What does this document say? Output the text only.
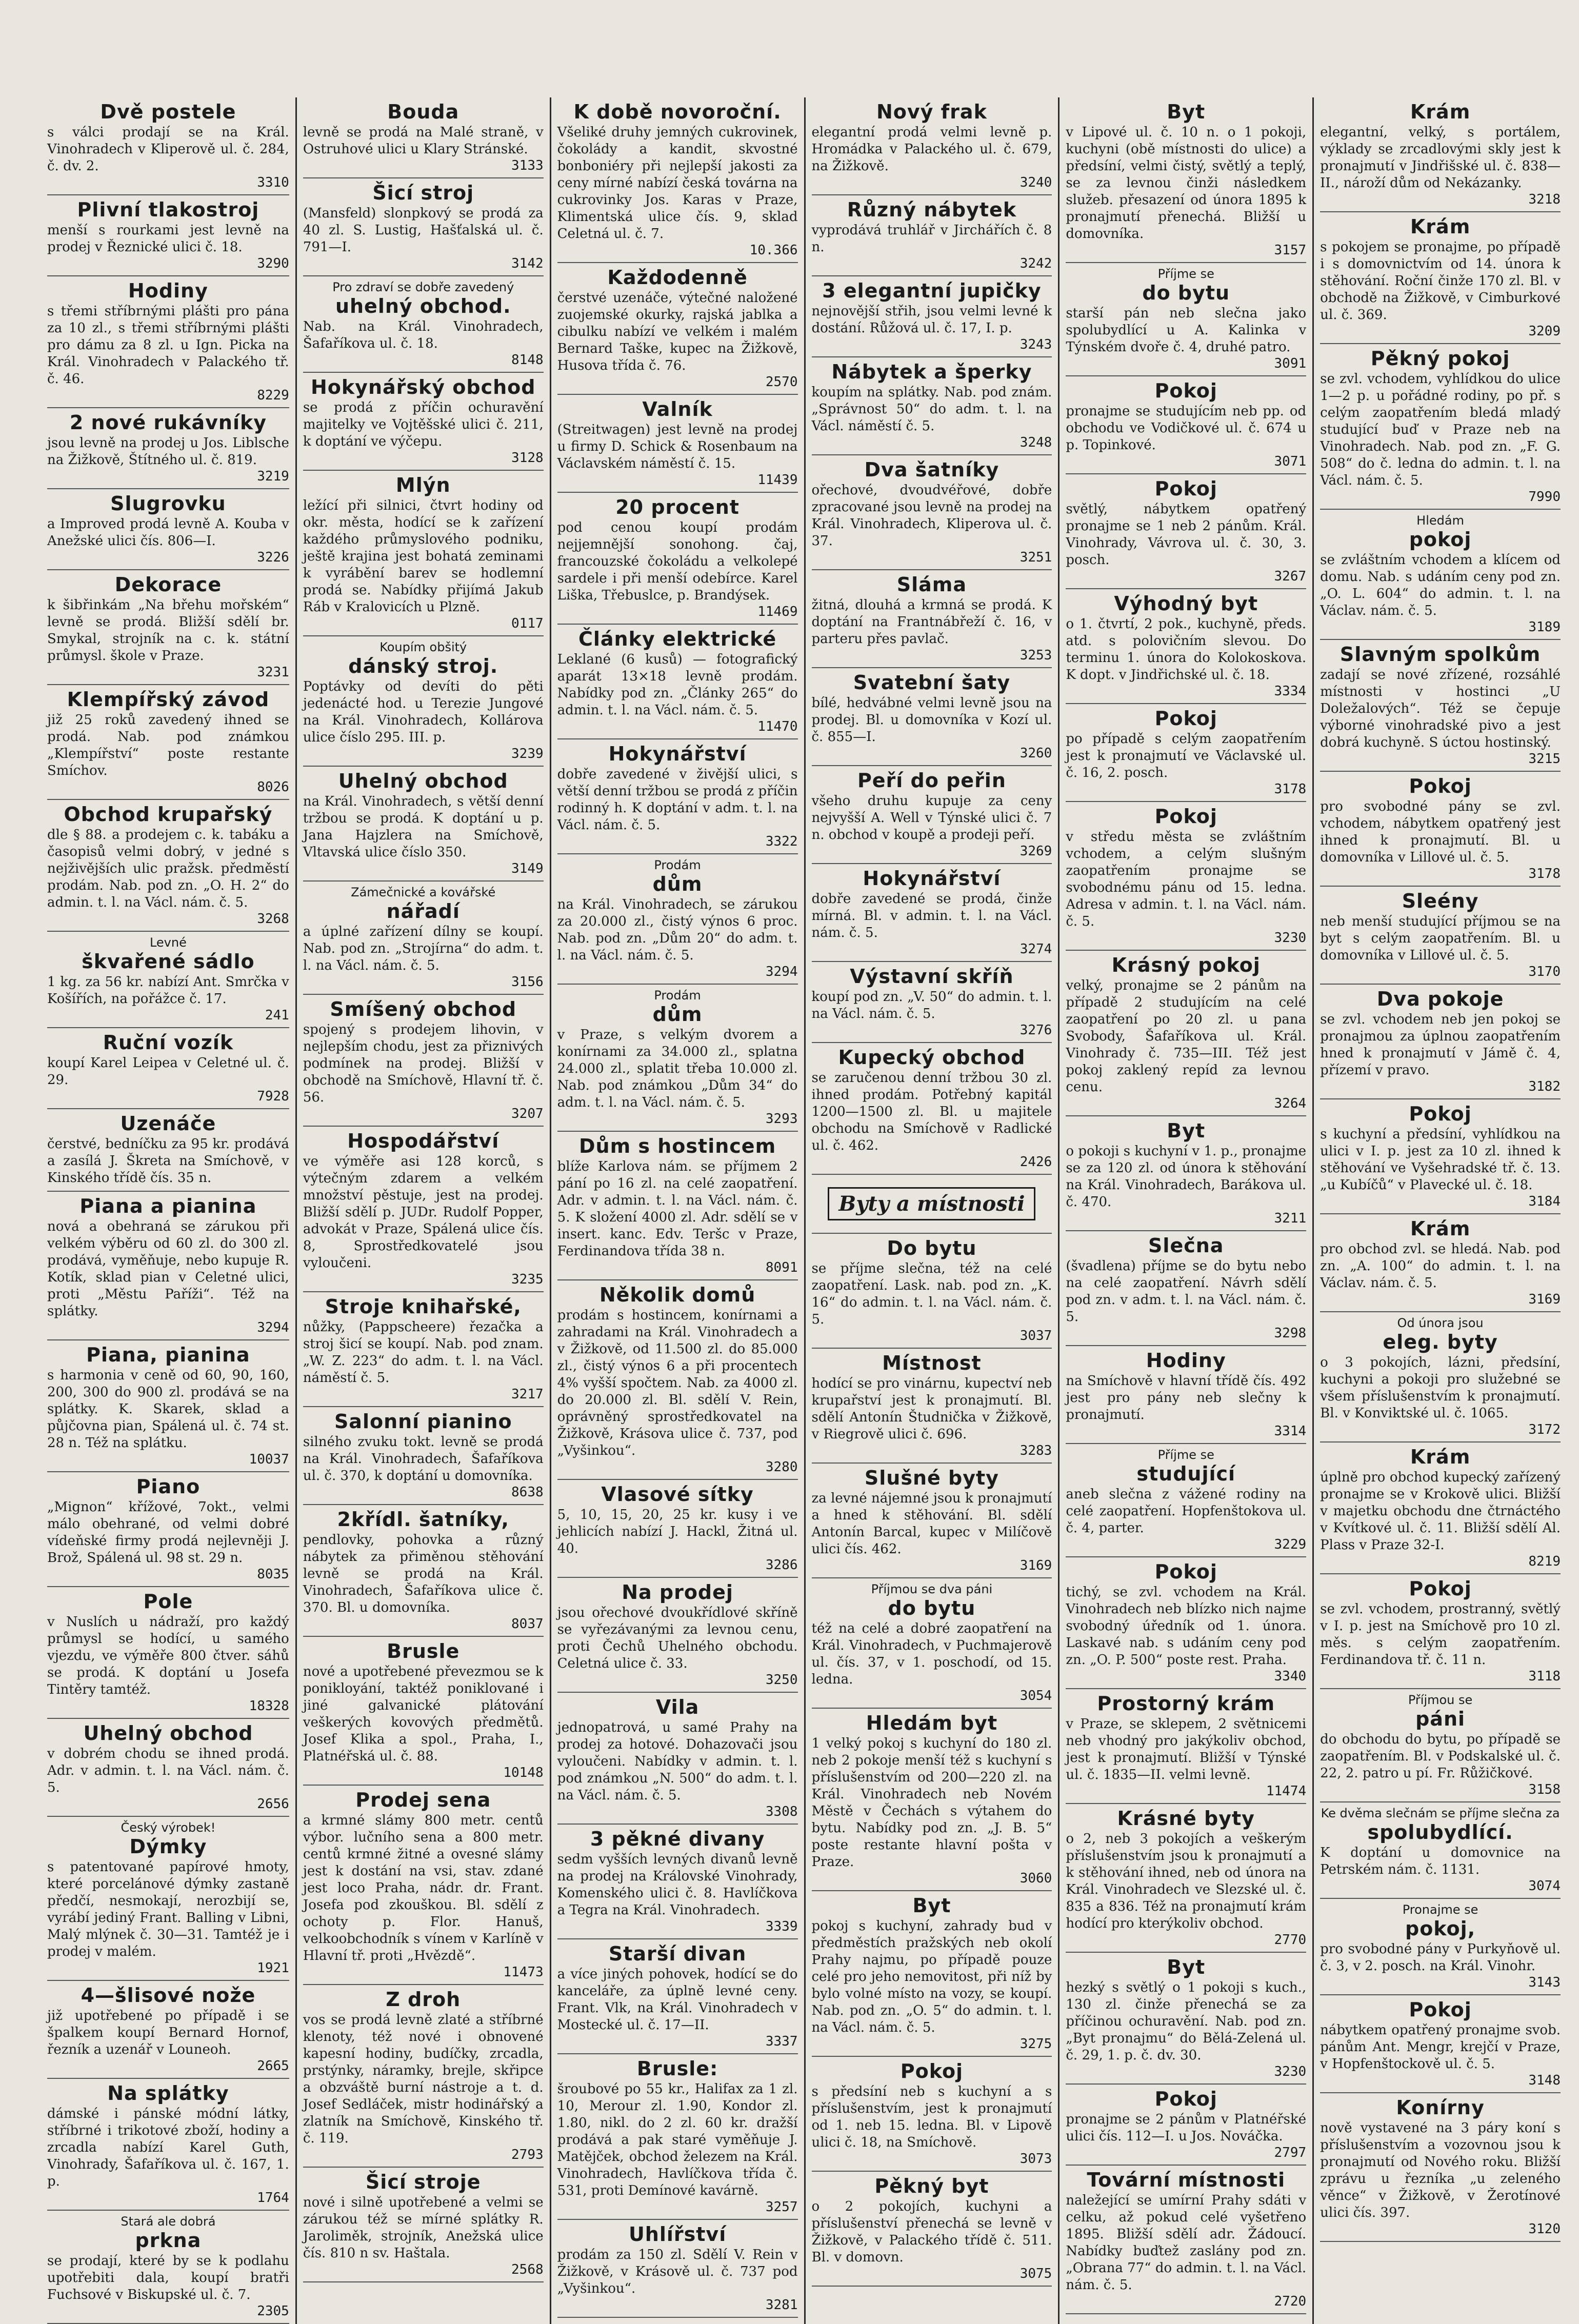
Dvě postele

s válci prodají se na Král. Vinohradech v Kliperově ul. č. 284, č. dv. 2.

3310
Plivní tlakostroj

menší s rourkami jest levně na prodej v Řeznické ulici č. 18.

3290
Hodiny

s třemi stříbrnými plášti pro pána za 10 zl., s třemi stříbrnými plášti pro dámu za 8 zl. u Ign. Picka na Král. Vinohradech v Palackého tř. č. 46.

8229
2 nové rukávníky

jsou levně na prodej u Jos. Liblsche na Žižkově, Štítného ul. č. 819.

3219
Slugrovku

a Improved prodá levně A. Kouba v Anežské ulici čís. 806—I.

3226
Dekorace

k šibřinkám „Na břehu mořském“ levně se prodá. Bližší sdělí br. Smykal, strojník na c. k. státní průmysl. škole v Praze.

3231
Klempířský závod

již 25 roků zavedený ihned se prodá. Nab. pod známkou „Klempířství“ poste restante Smíchov.

8026
Obchod krupařský

dle § 88. a prodejem c. k. tabáku a časopisů velmi dobrý, v jedné s nejživějších ulic pražsk. předměstí prodám. Nab. pod zn. „O. H. 2“ do admin. t. l. na Václ. nám. č. 5.

3268
Levné
škvařené sádlo

1 kg. za 56 kr. nabízí Ant. Smrčka v Košířích, na pořážce č. 17.

241
Ruční vozík

koupí Karel Leipea v Celetné ul. č. 29.

7928
Uzenáče

čerstvé, bedníčku za 95 kr. prodává a zasílá J. Škreta na Smíchově, v Kinského třídě čís. 35 n.

Piana a pianina

nová a obehraná se zárukou při velkém výběru od 60 zl. do 300 zl. prodává, vyměňuje, nebo kupuje R. Kotík, sklad pian v Celetné ulici, proti „Městu Paříži“. Též na splátky.

3294
Piana, pianina

s harmonia v ceně od 60, 90, 160, 200, 300 do 900 zl. prodává se na splátky. K. Skarek, sklad a půjčovna pian, Spálená ul. č. 74 st. 28 n. Též na splátku.

10037
Piano

„Mignon“ křížové, 7okt., velmi málo obehrané, od velmi dobré vídeňské firmy prodá nejlevněji J. Brož, Spálená ul. 98 st. 29 n.

8035
Pole

v Nuslích u nádraží, pro každý průmysl se hodící, u samého vjezdu, ve výměře 800 čtver. sáhů se prodá. K doptání u Josefa Tintěry tamtéž.

18328
Uhelný obchod

v dobrém chodu se ihned prodá. Adr. v admin. t. l. na Václ. nám. č. 5.

2656
Český výrobek!
Dýmky

s patentované papírové hmoty, které porcelánové dýmky zastaně předčí, nesmokají, nerozbijí se, vyrábí jediný Frant. Balling v Libni, Malý mlýnek č. 30—31. Tamtéž je i prodej v malém.

1921
4—šlisové nože

již upotřebené po případě i se špalkem koupí Bernard Hornof, řezník a uzenář v Louneoh.

2665
Na splátky

dámské i pánské módní látky, stříbrné i trikotové zboží, hodiny a zrcadla nabízí Karel Guth, Vinohrady, Šafaříkova ul. č. 167, 1. p.

1764
Stará ale dobrá
prkna

se prodají, které by se k podlahu upotřebiti dala, koupí bratři Fuchsové v Biskupské ul. č. 7.

2305
Bouda

levně se prodá na Malé straně, v Ostruhové ulici u Klary Stránské.

3133
Šicí stroj

(Mansfeld) slonpkový se prodá za 40 zl. S. Lustig, Hašťalská ul. č. 791—I.

3142
Pro zdraví se dobře zavedený
uhelný obchod.

Nab. na Král. Vinohradech, Šafaříkova ul. č. 18.

8148
Hokynářský obchod

se prodá z příčin ochuravění majitelky ve Vojtěšské ulici č. 211, k doptání ve výčepu.

3128
Mlýn

ležící při silnici, čtvrt hodiny od okr. města, hodící se k zařízení každého průmyslového podniku, ještě krajina jest bohatá zeminami k vyrábění barev se hodlemní prodá se. Nabídky přijímá Jakub Ráb v Kralovicích u Plzně.

0117
Koupím obšitý
dánský stroj.

Poptávky od devíti do pěti jedenácté hod. u Terezie Jungové na Král. Vinohradech, Kollárova ulice číslo 295. III. p.

3239
Uhelný obchod

na Král. Vinohradech, s větší denní tržbou se prodá. K doptání u p. Jana Hajzlera na Smíchově, Vltavská ulice číslo 350.

3149
Zámečnické a kovářské
nářadí

a úplné zařízení dílny se koupí. Nab. pod zn. „Strojírna“ do adm. t. l. na Václ. nám. č. 5.

3156
Smíšený obchod

spojený s prodejem lihovin, v nejlepším chodu, jest za přiznivých podmínek na prodej. Bližší v obchodě na Smíchově, Hlavní tř. č. 56.

3207
Hospodářství

ve výměře asi 128 korců, s výtečným zdarem a velkém množství pěstuje, jest na prodej. Bližší sdělí p. JUDr. Rudolf Popper, advokát v Praze, Spálená ulice čís. 8, Sprostředkovatelé jsou vyloučeni.

3235
Stroje knihařské,

nůžky, (Pappscheere) řezačka a stroj šicí se koupí. Nab. pod znam. „W. Z. 223“ do adm. t. l. na Václ. náměstí č. 5.

3217
Salonní pianino

silného zvuku tokt. levně se prodá na Král. Vinohradech, Šafaříkova ul. č. 370, k doptání u domovníka.

8638
2křídl. šatníky,

pendlovky, pohovka a různý nábytek za přiměnou stěhování levně se prodá na Král. Vinohradech, Šafaříkova ulice č. 370. Bl. u domovníka.

8037
Brusle

nové a upotřebené převezmou se k ponikloyání, taktéž poniklované i jiné galvanické plátování veškerých kovových předmětů. Josef Klika a spol., Praha, I., Platnéřská ul. č. 88.

10148
Prodej sena

a krmné slámy 800 metr. centů výbor. lučního sena a 800 metr. centů krmné žitné a ovesné slámy jest k dostání na vsi, stav. zdané jest loco Praha, nádr. dr. Frant. Josefa pod zkouškou. Bl. sdělí z ochoty p. Flor. Hanuš, velkoobchodník s vínem v Karlíně v Hlavní tř. proti „Hvězdě“.

11473
Z droh

vos se prodá levně zlaté a stříbrné klenoty, též nové i obnovené kapesní hodiny, budíčky, zrcadla, prstýnky, náramky, brejle, skřipce a obzváště burní nástroje a t. d. Josef Sedláček, mistr hodinářský a zlatník na Smíchově, Kinského tř. č. 119.

2793
Šicí stroje

nové i silně upotřebené a velmi se zárukou též se mírné splátky R. Jaroliměk, strojník, Anežská ulice čís. 810 n sv. Haštala.

2568
K době novoroční.

Všeliké druhy jemných cukrovinek, čokolády a kandit, skvostné bonboniéry při nejlepší jakosti za ceny mírné nabízí česká továrna na cukrovinky Jos. Karas v Praze, Klimentská ulice čís. 9, sklad Celetná ul. č. 7.

10.366
Každodenně

čerstvé uzenáče, výtečné naložené zuojemské okurky, rajská jablka a cibulku nabízí ve velkém i malém Bernard Taške, kupec na Žižkově, Husova třída č. 76.

2570
Valník

(Streitwagen) jest levně na prodej u firmy D. Schick & Rosenbaum na Václavském náměstí č. 15.

11439
20 procent

pod cenou koupí prodám nejjemnější sonohong. čaj, francouzské čokoládu a velkolepé sardele i při menší odebírce. Karel Liška, Třebuslce, p. Brandýsek.

11469
Články elektrické

Leklané (6 kusů) — fotografický aparát 13×18 levně prodám. Nabídky pod zn. „Články 265“ do admin. t. l. na Václ. nám. č. 5.

11470
Hokynářství

dobře zavedené v živější ulici, s větší denní tržbou se prodá z příčin rodinný h. K doptání v adm. t. l. na Václ. nám. č. 5.

3322
Prodám
dům

na Král. Vinohradech, se zárukou za 20.000 zl., čistý výnos 6 proc. Nab. pod zn. „Dům 20“ do adm. t. l. na Václ. nám. č. 5.

3294
Prodám
dům

v Praze, s velkým dvorem a konírnami za 34.000 zl., splatna 24.000 zl., splatit třeba 10.000 zl. Nab. pod známkou „Dům 34“ do adm. t. l. na Václ. nám. č. 5.

3293
Dům s hostincem

blíže Karlova nám. se příjmem 2 pání po 16 zl. na celé zaopatření. Adr. v admin. t. l. na Václ. nám. č. 5. K složení 4000 zl. Adr. sdělí se v insert. kanc. Edv. Teršc v Praze, Ferdinandova třída 38 n.

8091
Několik domů

prodám s hostincem, konírnami a zahradami na Král. Vinohradech a v Žižkově, od 11.500 zl. do 85.000 zl., čistý výnos 6 a při procentech 4% vyšší spočtem. Nab. za 4000 zl. do 20.000 zl. Bl. sdělí V. Rein, oprávněný sprostředkovatel na Žižkově, Krásova ulice č. 737, pod „Vyšinkou“.

3280
Vlasové sítky

5, 10, 15, 20, 25 kr. kusy i ve jehlicích nabízí J. Hackl, Žitná ul. 40.

3286
Na prodej

jsou ořechové dvoukřídlové skříně se vyřezávanými za levnou cenu, proti Čechů Uhelného obchodu. Celetná ulice č. 33.

3250
Vila

jednopatrová, u samé Prahy na prodej za hotové. Dohazovači jsou vyloučeni. Nabídky v admin. t. l. pod známkou „N. 500“ do adm. t. l. na Václ. nám. č. 5.

3308
3 pěkné divany

sedm vyšších levných divanů levně na prodej na Královské Vinohrady, Komenského ulici č. 8. Havlíčkova a Tegra na Král. Vinohradech.

3339
Starší divan

a více jiných pohovek, hodící se do kanceláře, za úplně levné ceny. Frant. Vlk, na Král. Vinohradech v Mostecké ul. č. 17—II.

3337
Brusle:

šroubové po 55 kr., Halifax za 1 zl. 10, Merour zl. 1.90, Kondor zl. 1.80, nikl. do 2 zl. 60 kr. dražší prodává a pak staré vyměňuje J. Matějček, obchod železem na Král. Vinohradech, Havlíčkova třída č. 531, proti Demínové kavárně.

3257
Uhlířství

prodám za 150 zl. Sdělí V. Rein v Žižkově, v Krásově ul. č. 737 pod „Vyšinkou“.

3281
Nový frak

elegantní prodá velmi levně p. Hromádka v Palackého ul. č. 679, na Žižkově.

3240
Různý nábytek

vyprodává truhlář v Jirchářích č. 8 n.

3242
3 elegantní jupičky

nejnovější střih, jsou velmi levné k dostání. Růžová ul. č. 17, I. p.

3243
Nábytek a šperky

koupím na splátky. Nab. pod znám. „Správnost 50“ do adm. t. l. na Václ. náměstí č. 5.

3248
Dva šatníky

ořechové, dvoudvéřové, dobře zpracované jsou levně na prodej na Král. Vinohradech, Kliperova ul. č. 37.

3251
Sláma

žitná, dlouhá a krmná se prodá. K doptání na Frantnábřeží č. 16, v parteru přes pavlač.

3253
Svatební šaty

bílé, hedvábné velmi levně jsou na prodej. Bl. u domovníka v Kozí ul. č. 855—I.

3260
Peří do peřin

všeho druhu kupuje za ceny nejvyšší A. Well v Týnské ulici č. 7 n. obchod v koupě a prodeji peří.

3269
Hokynářství

dobře zavedené se prodá, činže mírná. Bl. v admin. t. l. na Václ. nám. č. 5.

3274
Výstavní skříň

koupí pod zn. „V. 50“ do admin. t. l. na Václ. nám. č. 5.

3276
Kupecký obchod

se zaručenou denní tržbou 30 zl. ihned prodám. Potřebný kapitál 1200—1500 zl. Bl. u majitele obchodu na Smíchově v Radlické ul. č. 462.

2426
Byty a místnosti
Do bytu

se příjme slečna, též na celé zaopatření. Lask. nab. pod zn. „K. 16“ do admin. t. l. na Václ. nám. č. 5.

3037
Místnost

hodící se pro vinárnu, kupectví neb krupařství jest k pronajmutí. Bl. sdělí Antonín Študnička v Žižkově, v Riegrově ulici č. 696.

3283
Slušné byty

za levné nájemné jsou k pronajmutí a hned k stěhování. Bl. sdělí Antonín Barcal, kupec v Milíčově ulici čís. 462.

3169
Příjmou se dva páni
do bytu

též na celé a dobré zaopatření na Král. Vinohradech, v Puchmajerově ul. čís. 37, v 1. poschodí, od 15. ledna.

3054
Hledám byt

1 velký pokoj s kuchyní do 180 zl. neb 2 pokoje menší též s kuchyní s příslušenstvím od 200—220 zl. na Král. Vinohradech neb Novém Městě v Čechách s výtahem do bytu. Nabídky pod zn. „J. B. 5“ poste restante hlavní pošta v Praze.

3060
Byt

pokoj s kuchyní, zahrady bud v předměstích pražských neb okolí Prahy najmu, po případě pouze celé pro jeho nemovitost, při níž by bylo volné místo na vozy, se koupí. Nab. pod zn. „O. 5“ do admin. t. l. na Václ. nám. č. 5.

3275
Pokoj

s předsíní neb s kuchyní a s příslušenstvím, jest k pronajmutí od 1. neb 15. ledna. Bl. v Lipově ulici č. 18, na Smíchově.

3073
Pěkný byt

o 2 pokojích, kuchyni a příslušenství přenechá se levně v Žižkově, v Palackého třídě č. 511. Bl. v domovn.

3075
Byt

v Lipové ul. č. 10 n. o 1 pokoji, kuchyni (obě místnosti do ulice) a předsíní, velmi čistý, světlý a teplý, se za levnou činži následkem služeb. přesazení od února 1895 k pronajmutí přenechá. Bližší u domovníka.

3157
Příjme se
do bytu

starší pán neb slečna jako spolubydlící u A. Kalinka v Týnském dvoře č. 4, druhé patro.

3091
Pokoj

pronajme se studujícím neb pp. od obchodu ve Vodičkové ul. č. 674 u p. Topinkové.

3071
Pokoj

světlý, nábytkem opatřený pronajme se 1 neb 2 pánům. Král. Vinohrady, Vávrova ul. č. 30, 3. posch.

3267
Výhodný byt

o 1. čtvrtí, 2 pok., kuchyně, předs. atd. s polovičním slevou. Do terminu 1. února do Kolokoskova. K dopt. v Jindřichské ul. č. 18.

3334
Pokoj

po případě s celým zaopatřením jest k pronajmutí ve Václavské ul. č. 16, 2. posch.

3178
Pokoj

v středu města se zvláštním vchodem, a celým slušným zaopatřením pronajme se svobodnému pánu od 15. ledna. Adresa v admin. t. l. na Václ. nám. č. 5.

3230
Krásný pokoj

velký, pronajme se 2 pánům na případě 2 studujícím na celé zaopatření po 20 zl. u pana Svobody, Šafaříkova ul. Král. Vinohrady č. 735—III. Též jest pokoj zaklený repíd za levnou cenu.

3264
Byt

o pokoji s kuchyní v 1. p., pronajme se za 120 zl. od února k stěhování na Král. Vinohradech, Barákova ul. č. 470.

3211
Slečna

(švadlena) příjme se do bytu nebo na celé zaopatření. Návrh sdělí pod zn. v adm. t. l. na Václ. nám. č. 5.

3298
Hodiny

na Smíchově v hlavní třídě čís. 492 jest pro pány neb slečny k pronajmutí.

3314
Příjme se
studující

aneb slečna z vážené rodiny na celé zaopatření. Hopfenštokova ul. č. 4, parter.

3229
Pokoj

tichý, se zvl. vchodem na Král. Vinohradech neb blízko nich najme svobodný úředník od 1. února. Laskavé nab. s udáním ceny pod zn. „O. P. 500“ poste rest. Praha.

3340
Prostorný krám

v Praze, se sklepem, 2 světnicemi neb vhodný pro jakýkoliv obchod, jest k pronajmutí. Bližší v Týnské ul. č. 1835—II. velmi levně.

11474
Krásné byty

o 2, neb 3 pokojích a veškerým příslušenstvím jsou k pronajmutí a k stěhování ihned, neb od února na Král. Vinohradech ve Slezské ul. č. 835 a 836. Též na pronajmutí krám hodící pro kterýkoliv obchod.

2770
Byt

hezký s světlý o 1 pokoji s kuch., 130 zl. činže přenechá se za příčinou ochuravění. Nab. pod zn. „Byt pronajmu“ do Bělá-Zelená ul. č. 29, 1. p. č. dv. 30.

3230
Pokoj

pronajme se 2 pánům v Platnéřské ulici čís. 112—I. u Jos. Nováčka.

2797
Tovární místnosti

naležející se umírní Prahy sdáti v celku, až pokud celé vyšetřeno 1895. Bližší sdělí adr. Žádoucí. Nabídky buďtež zaslány pod zn. „Obrana 77“ do admin. t. l. na Václ. nám. č. 5.

2720
Krám

elegantní, velký, s portálem, výklady se zrcadlovými skly jest k pronajmutí v Jindřišské ul. č. 838—II., nároží dům od Nekázanky.

3218
Krám

s pokojem se pronajme, po případě i s domovnictvím od 14. února k stěhování. Roční činže 170 zl. Bl. v obchodě na Žižkově, v Cimburkové ul. č. 369.

3209
Pěkný pokoj

se zvl. vchodem, vyhlídkou do ulice 1—2 p. u pořádné rodiny, po př. s celým zaopatřením bledá mladý studující buď v Praze neb na Vinohradech. Nab. pod zn. „F. G. 508“ do č. ledna do admin. t. l. na Václ. nám. č. 5.

7990
Hledám
pokoj

se zvláštním vchodem a klícem od domu. Nab. s udáním ceny pod zn. „O. L. 604“ do admin. t. l. na Václav. nám. č. 5.

3189
Slavným spolkům

zadají se nové zřízené, rozsáhlé místnosti v hostinci „U Doležalových“. Též se čepuje výborné vinohradské pivo a jest dobrá kuchyně. S úctou hostinský.

3215
Pokoj

pro svobodné pány se zvl. vchodem, nábytkem opatřený jest ihned k pronajmutí. Bl. u domovníka v Lillové ul. č. 5.

3178
Sleény

neb menší studující příjmou se na byt s celým zaopatřením. Bl. u domovníka v Lillové ul. č. 5.

3170
Dva pokoje

se zvl. vchodem neb jen pokoj se pronajmou za úplnou zaopatřením hned k pronajmutí v Jámě č. 4, přízemí v pravo.

3182
Pokoj

s kuchyní a předsíní, vyhlídkou na ulici v I. p. jest za 10 zl. ihned k stěhování ve Vyšehradské tř. č. 13. „u Kubíčů“ v Plavecké ul. č. 18.

3184
Krám

pro obchod zvl. se hledá. Nab. pod zn. „A. 100“ do admin. t. l. na Václav. nám. č. 5.

3169
Od února jsou
eleg. byty

o 3 pokojích, lázni, předsíní, kuchyni a pokoji pro služebné se všem příslušenstvím k pronajmutí. Bl. v Konviktské ul. č. 1065.

3172
Krám

úplně pro obchod kupecký zařízený pronajme se v Krokově ulici. Bližší v majetku obchodu dne čtrnáctého v Kvítkové ul. č. 11. Bližší sdělí Al. Plass v Praze 32-I.

8219
Pokoj

se zvl. vchodem, prostranný, světlý v I. p. jest na Smíchově pro 10 zl. měs. s celým zaopatřením. Ferdinandova tř. č. 11 n.

3118
Příjmou se
páni

do obchodu do bytu, po případě se zaopatřením. Bl. v Podskalské ul. č. 22, 2. patro u pí. Fr. Růžičkové.

3158
Ke dvěma slečnám se příjme slečna za
spolubydlící.

K doptání u domovnice na Petrském nám. č. 1131.

3074
Pronajme se
pokoj,

pro svobodné pány v Purkyňově ul. č. 3, v 2. posch. na Král. Vinohr.

3143
Pokoj

nábytkem opatřený pronajme svob. pánům Ant. Mengr, krejčí v Praze, v Hopfenštockově ul. č. 5.

3148
Konírny

nově vystavené na 3 páry koní s příslušenstvím a vozovnou jsou k pronajmutí od Nového roku. Bližší zprávu u řezníka „u zeleného věnce“ v Žižkově, v Žerotínové ulici čís. 397.

3120
